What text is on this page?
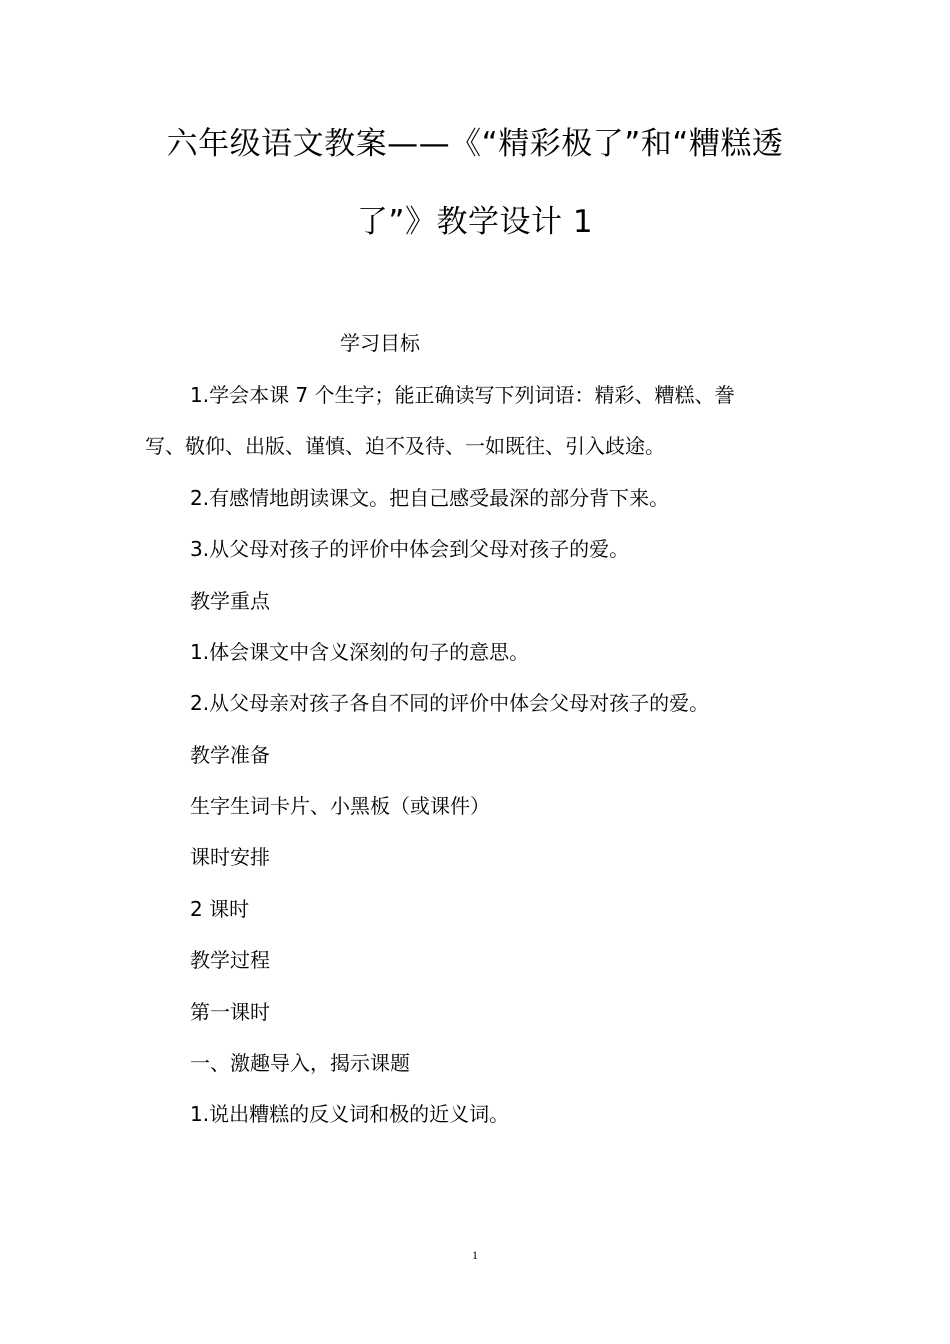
六年级语文教案——《“精彩极了”和“糟糕透
了”》教学设计 1
学习目标
1.学会本课 7 个生字；能正确读写下列词语：精彩、糟糕、誊
写、敬仰、出版、谨慎、迫不及待、一如既往、引入歧途。
2.有感情地朗读课文。把自己感受最深的部分背下来。
3.从父母对孩子的评价中体会到父母对孩子的爱。
教学重点
1.体会课文中含义深刻的句子的意思。
2.从父母亲对孩子各自不同的评价中体会父母对孩子的爱。
教学准备
生字生词卡片、小黑板（或课件）
课时安排
2 课时
教学过程
第一课时
一、激趣导入，揭示课题
1.说出糟糕的反义词和极的近义词。
1
